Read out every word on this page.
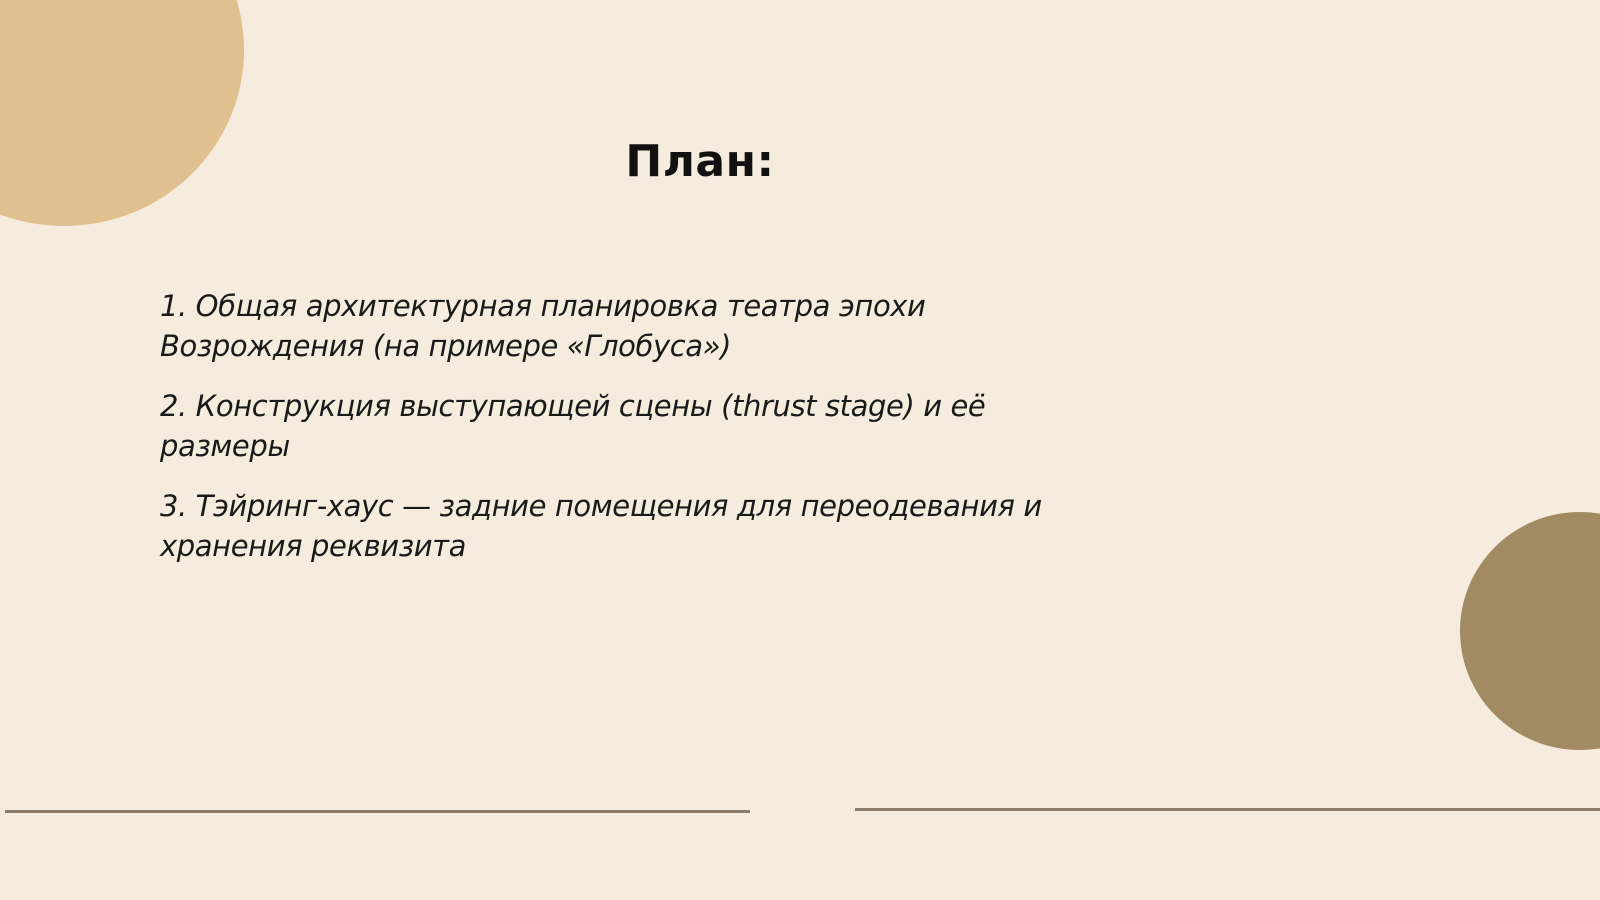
План:
1. Общая архитектурная планировка театра эпохи Возрождения (на примере «Глобуса»)
2. Конструкция выступающей сцены (thrust stage) и её размеры
3. Тэйринг-хаус — задние помещения для переодевания и хранения реквизита
